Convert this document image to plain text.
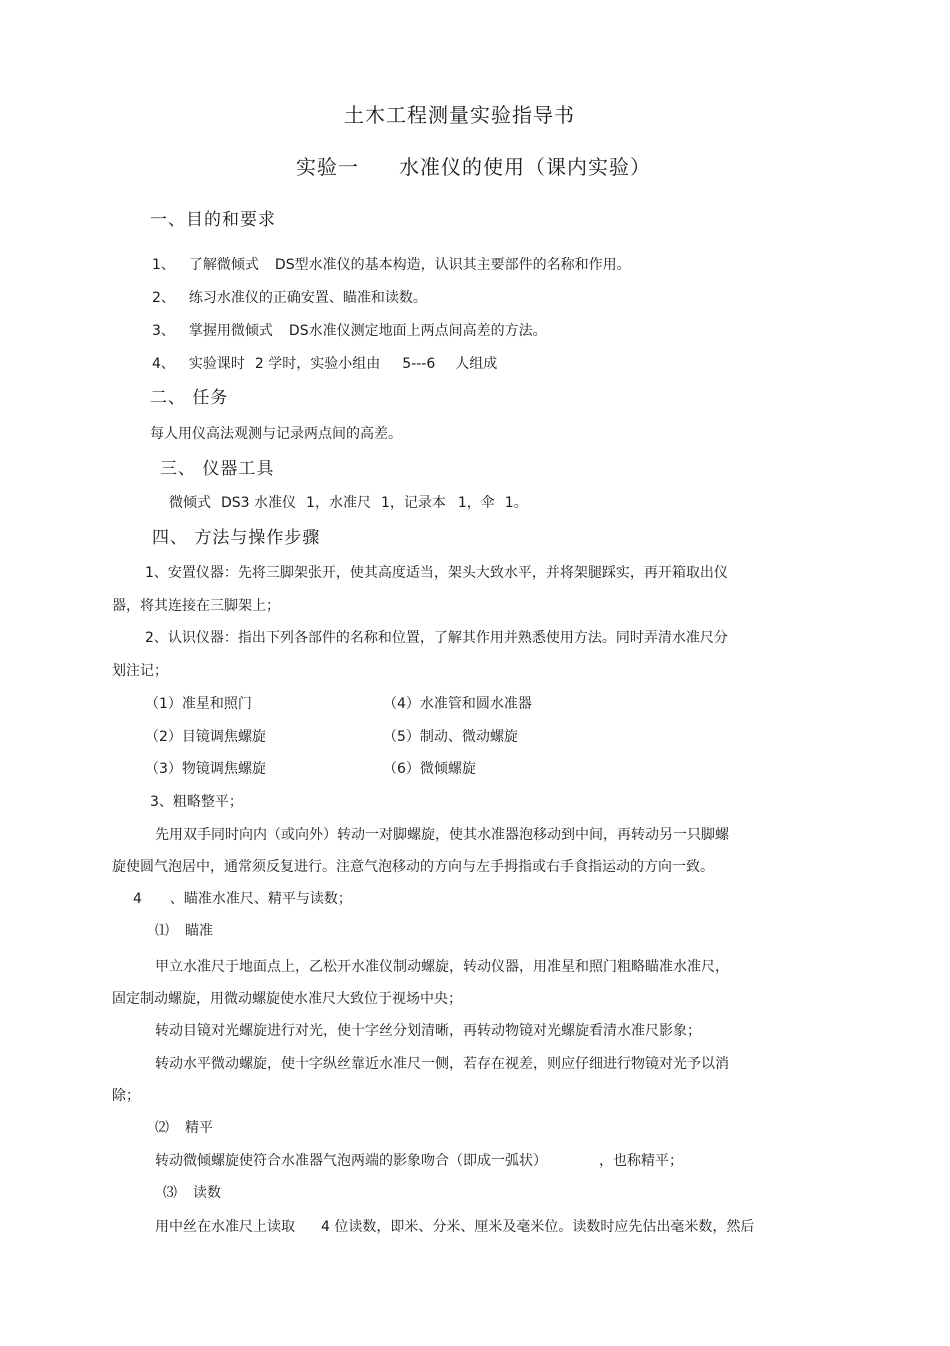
土木工程测量实验指导书
实验一 水准仪的使用（课内实验）
一、目的和要求
1、 了解微倾式 DS型水准仪的基本构造，认识其主要部件的名称和作用。
2、 练习水准仪的正确安置、瞄准和读数。
3、 掌握用微倾式 DS水准仪测定地面上两点间高差的方法。
4、 实验课时 2 学时，实验小组由 5---6 人组成
二、 任务
每人用仪高法观测与记录两点间的高差。
三、 仪器工具
微倾式 DS3 水准仪 1，水准尺 1，记录本 1，伞 1。
四、 方法与操作步骤
1、安置仪器：先将三脚架张开，使其高度适当，架头大致水平，并将架腿踩实，再开箱取出仪
器，将其连接在三脚架上；
2、认识仪器：指出下列各部件的名称和位置，了解其作用并熟悉使用方法。同时弄清水准尺分
划注记；
（1）准星和照门	（4）水准管和圆水准器
（2）目镜调焦螺旋	（5）制动、微动螺旋
（3）物镜调焦螺旋	（6）微倾螺旋
3、粗略整平；
先用双手同时向内（或向外）转动一对脚螺旋，使其水准器泡移动到中间，再转动另一只脚螺
旋使圆气泡居中，通常须反复进行。注意气泡移动的方向与左手拇指或右手食指运动的方向一致。
4 、瞄准水准尺、精平与读数；
⑴ 瞄准
甲立水准尺于地面点上，乙松开水准仪制动螺旋，转动仪器，用准星和照门粗略瞄准水准尺，
固定制动螺旋，用微动螺旋使水准尺大致位于视场中央；
转动目镜对光螺旋进行对光，使十字丝分划清晰，再转动物镜对光螺旋看清水准尺影象；
转动水平微动螺旋，使十字纵丝靠近水准尺一侧，若存在视差，则应仔细进行物镜对光予以消
除；
⑵ 精平
转动微倾螺旋使符合水准器气泡两端的影象吻合（即成一弧状）	，也称精平；
⑶ 读数
用中丝在水准尺上读取 4 位读数，即米、分米、厘米及毫米位。读数时应先估出毫米数，然后
